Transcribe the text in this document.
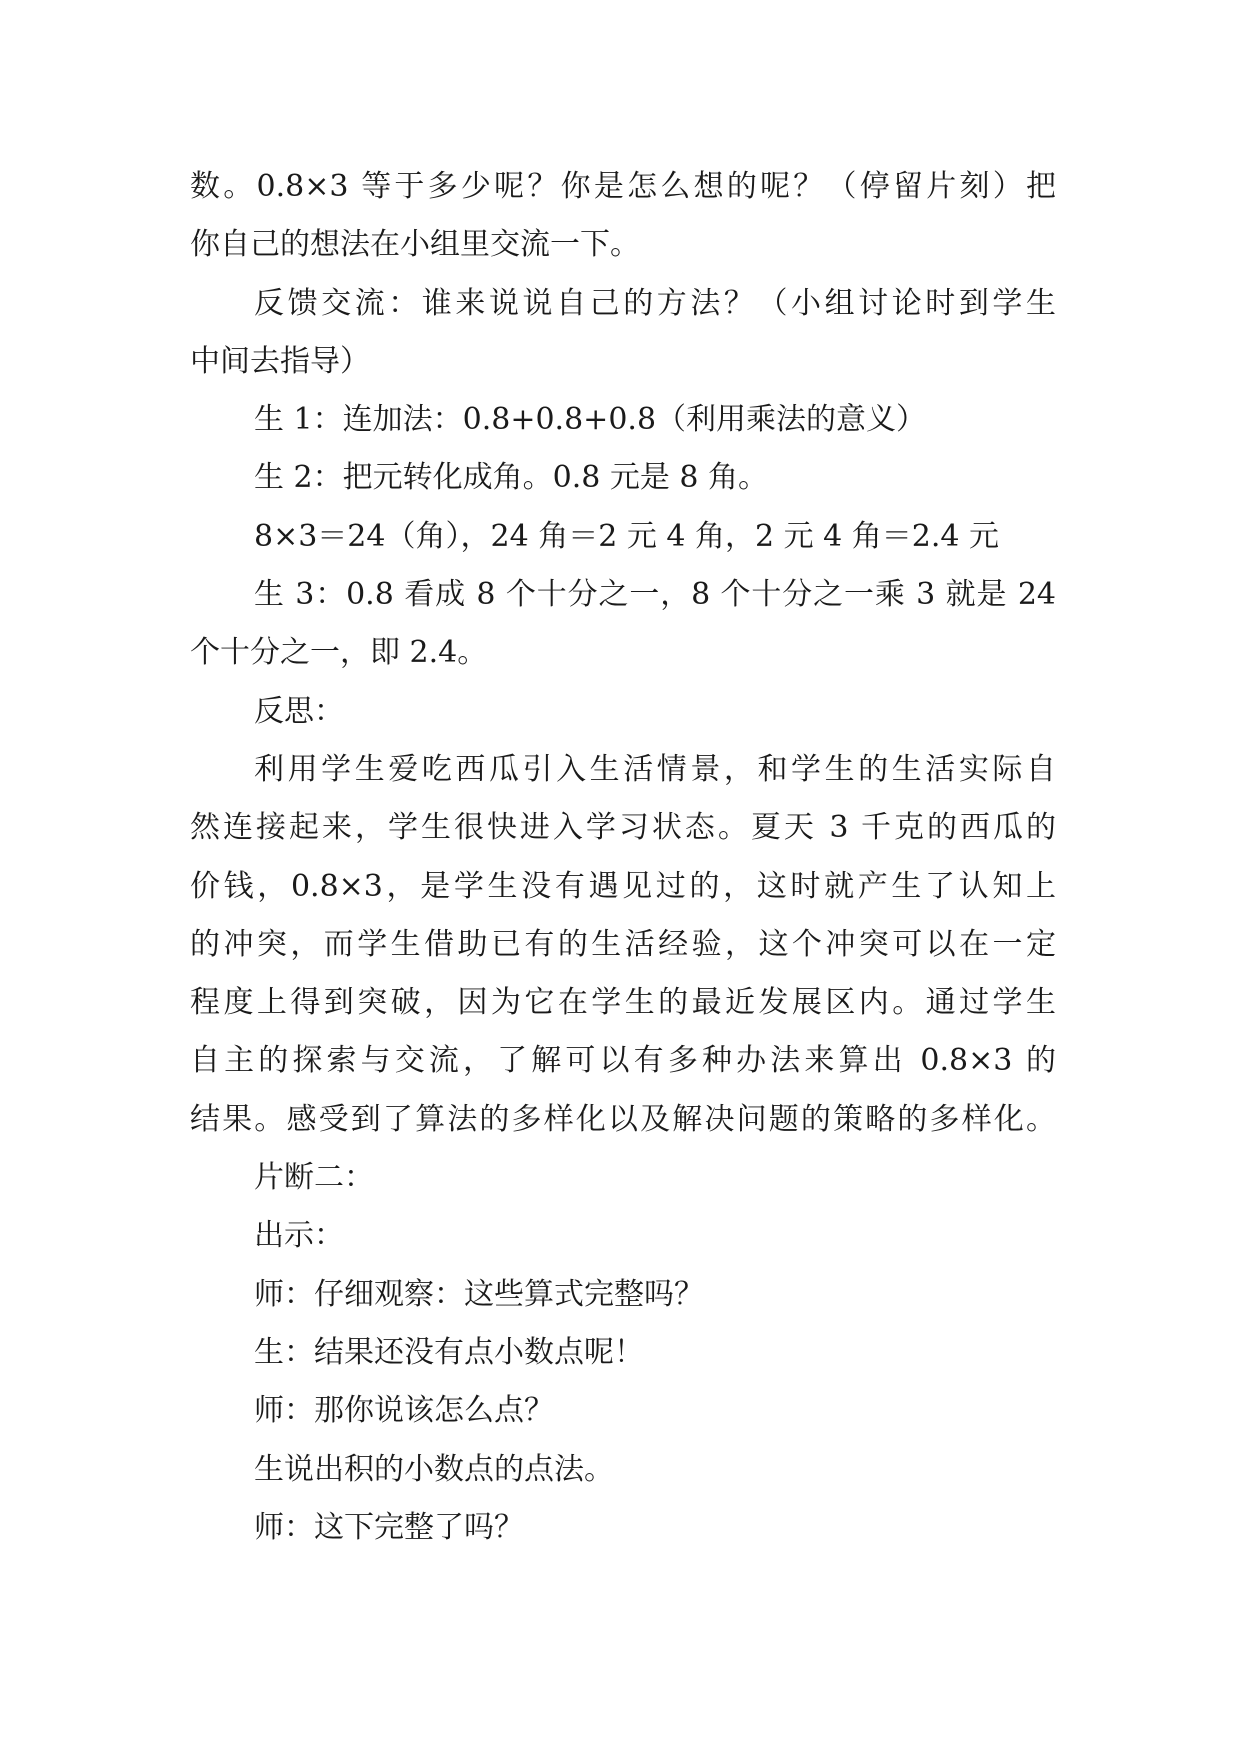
数。0.8×3 等于多少呢？你是怎么想的呢？（停留片刻）把

你自己的想法在小组里交流一下。

反馈交流：谁来说说自己的方法？（小组讨论时到学生

中间去指导）

生 1：连加法：0.8+0.8+0.8（利用乘法的意义）

生 2：把元转化成角。0.8 元是 8 角。

8×3＝24（角），24 角＝2 元 4 角，2 元 4 角＝2.4 元

生 3：0.8 看成 8 个十分之一，8 个十分之一乘 3 就是 24

个十分之一，即 2.4。

反思：

利用学生爱吃西瓜引入生活情景，和学生的生活实际自

然连接起来，学生很快进入学习状态。夏天 3 千克的西瓜的

价钱，0.8×3，是学生没有遇见过的，这时就产生了认知上

的冲突，而学生借助已有的生活经验，这个冲突可以在一定

程度上得到突破，因为它在学生的最近发展区内。通过学生

自主的探索与交流，了解可以有多种办法来算出 0.8×3 的

结果。感受到了算法的多样化以及解决问题的策略的多样化。

片断二：

出示：

师：仔细观察：这些算式完整吗？

生：结果还没有点小数点呢！

师：那你说该怎么点？

生说出积的小数点的点法。

师：这下完整了吗？
